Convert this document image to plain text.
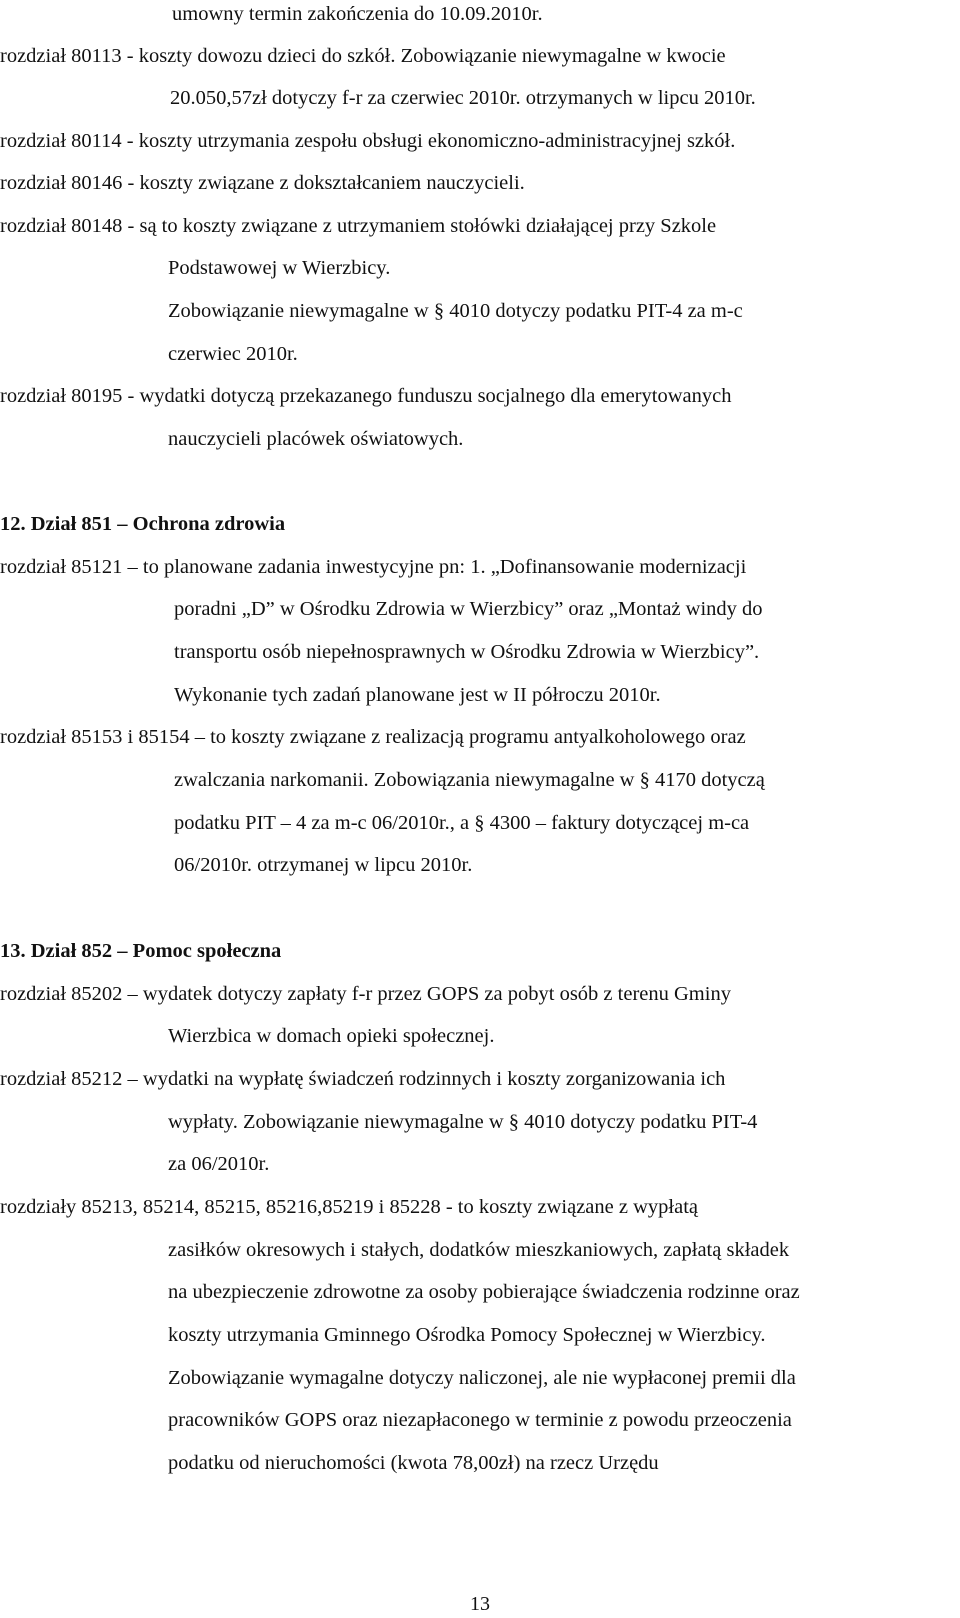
umowny termin zakończenia do 10.09.2010r.
rozdział 80113 - koszty dowozu dzieci do szkół. Zobowiązanie niewymagalne w kwocie
20.050,57zł dotyczy f-r za czerwiec 2010r. otrzymanych w lipcu 2010r.
rozdział 80114 - koszty utrzymania zespołu obsługi ekonomiczno-administracyjnej szkół.
rozdział 80146 - koszty związane z dokształcaniem nauczycieli.
rozdział 80148 - są to koszty związane z utrzymaniem stołówki działającej przy Szkole
Podstawowej w Wierzbicy.
Zobowiązanie niewymagalne w § 4010 dotyczy podatku PIT-4 za m-c
czerwiec 2010r.
rozdział 80195 - wydatki dotyczą przekazanego funduszu socjalnego dla emerytowanych
nauczycieli placówek oświatowych.
12. Dział 851 – Ochrona zdrowia
rozdział 85121 – to planowane zadania inwestycyjne pn: 1. „Dofinansowanie modernizacji
poradni „D” w Ośrodku Zdrowia w Wierzbicy” oraz „Montaż windy do
transportu osób niepełnosprawnych w Ośrodku Zdrowia w Wierzbicy”.
Wykonanie tych zadań planowane jest w II półroczu 2010r.
rozdział 85153 i 85154 – to koszty związane z realizacją programu antyalkoholowego oraz
zwalczania narkomanii. Zobowiązania niewymagalne w § 4170 dotyczą
podatku PIT – 4 za m-c 06/2010r., a § 4300 – faktury dotyczącej m-ca
06/2010r. otrzymanej w lipcu 2010r.
13. Dział 852 – Pomoc społeczna
rozdział 85202 – wydatek dotyczy zapłaty f-r przez GOPS za pobyt osób z terenu Gminy
Wierzbica w domach opieki społecznej.
rozdział 85212 – wydatki na wypłatę świadczeń rodzinnych i koszty zorganizowania ich
wypłaty. Zobowiązanie niewymagalne w § 4010 dotyczy podatku PIT-4
za 06/2010r.
rozdziały 85213, 85214, 85215, 85216,85219 i 85228 - to koszty związane z wypłatą
zasiłków okresowych i stałych, dodatków mieszkaniowych, zapłatą składek
na ubezpieczenie zdrowotne za osoby pobierające świadczenia rodzinne oraz
koszty utrzymania Gminnego Ośrodka Pomocy Społecznej w Wierzbicy.
Zobowiązanie wymagalne dotyczy naliczonej, ale nie wypłaconej premii dla
pracowników GOPS oraz niezapłaconego w terminie z powodu przeoczenia
podatku od nieruchomości (kwota 78,00zł) na rzecz Urzędu
13
